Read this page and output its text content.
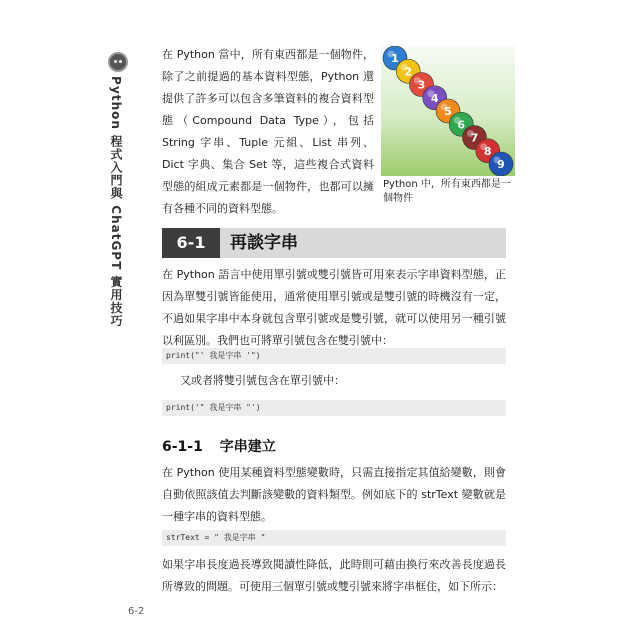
Python 程式入門與 ChatGPT 實用技巧
在 Python 當中，所有東西都是一個物件，除了之前提過的基本資料型態，Python 還提供了許多可以包含多筆資料的複合資料型態（Compound Data Type），包括 String 字串、Tuple 元組、List 串列、Dict 字典、集合 Set 等，這些複合式資料型態的組成元素都是一個物件，也都可以擁有各種不同的資料型態。
1
2
3
4
5
6
7
8
9
Python 中，所有東西都是一個物件
6-1	再談字串
在 Python 語言中使用單引號或雙引號皆可用來表示字串資料型態，正因為單雙引號皆能使用，通常使用單引號或是雙引號的時機沒有一定，不過如果字串中本身就包含單引號或是雙引號，就可以使用另一種引號以利區別。我們也可將單引號包含在雙引號中：
print("' 我是字串 '")
又或者將雙引號包含在單引號中：
print('" 我是字串 "')
6-1-1 字串建立
在 Python 使用某種資料型態變數時，只需直接指定其值給變數，則會自動依照該值去判斷該變數的資料類型。例如底下的 strText 變數就是一種字串的資料型態。
strText = " 我是字串 "
如果字串長度過長導致閱讀性降低，此時則可藉由換行來改善長度過長所導致的問題。可使用三個單引號或雙引號來將字串框住，如下所示：
6-2
